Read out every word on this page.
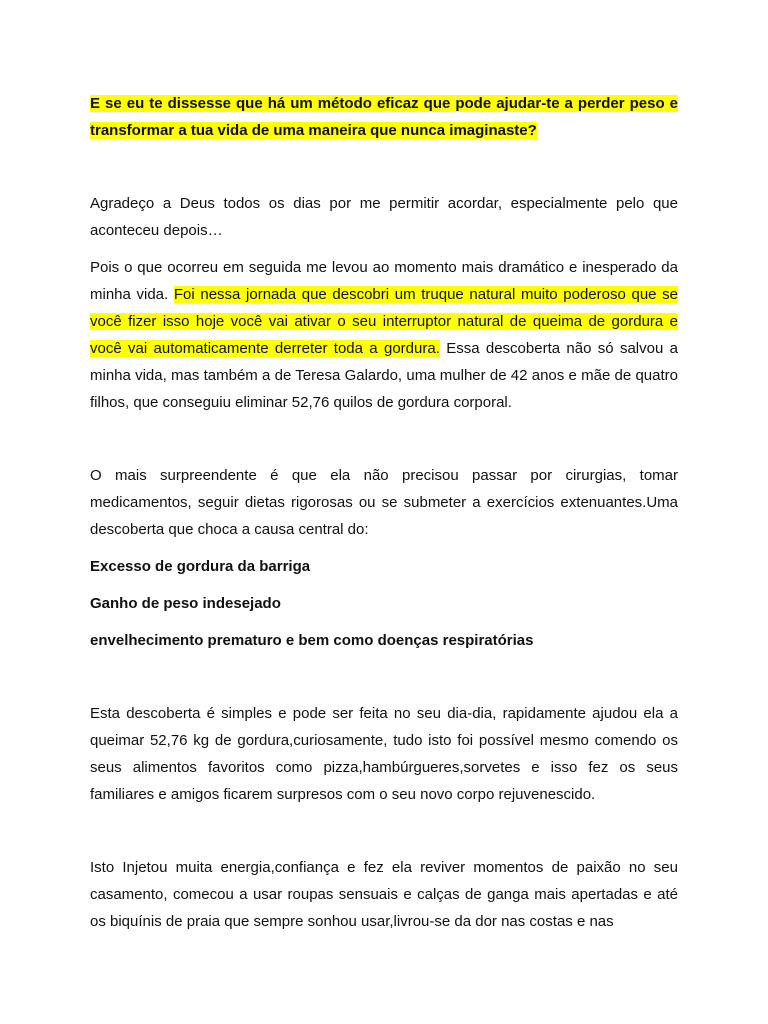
E se eu te dissesse que há um método eficaz que pode ajudar-te a perder peso e transformar a tua vida de uma maneira que nunca imaginaste?

Agradeço a Deus todos os dias por me permitir acordar, especialmente pelo que aconteceu depois…

Pois o que ocorreu em seguida me levou ao momento mais dramático e inesperado da minha vida. Foi nessa jornada que descobri um truque natural muito poderoso que se você fizer isso hoje você vai ativar o seu interruptor natural de queima de gordura e você vai automaticamente derreter toda a gordura. Essa descoberta não só salvou a minha vida, mas também a de Teresa Galardo, uma mulher de 42 anos e mãe de quatro filhos, que conseguiu eliminar 52,76 quilos de gordura corporal.

O mais surpreendente é que ela não precisou passar por cirurgias, tomar medicamentos, seguir dietas rigorosas ou se submeter a exercícios extenuantes.Uma descoberta que choca a causa central do:

Excesso de gordura da barriga

Ganho de peso indesejado

envelhecimento prematuro e bem como doenças respiratórias

Esta descoberta é simples e pode ser feita no seu dia-dia, rapidamente ajudou ela a queimar 52,76 kg de gordura,curiosamente, tudo isto foi possível mesmo comendo os seus alimentos favoritos como pizza,hambúrgueres,sorvetes e isso fez os seus familiares e amigos ficarem surpresos com o seu novo corpo rejuvenescido.

Isto Injetou muita energia,confiança e fez ela reviver momentos de paixão no seu casamento, comecou a usar roupas sensuais e calças de ganga mais apertadas e até os biquínis de praia que sempre sonhou usar,livrou-se da dor nas costas e nas
